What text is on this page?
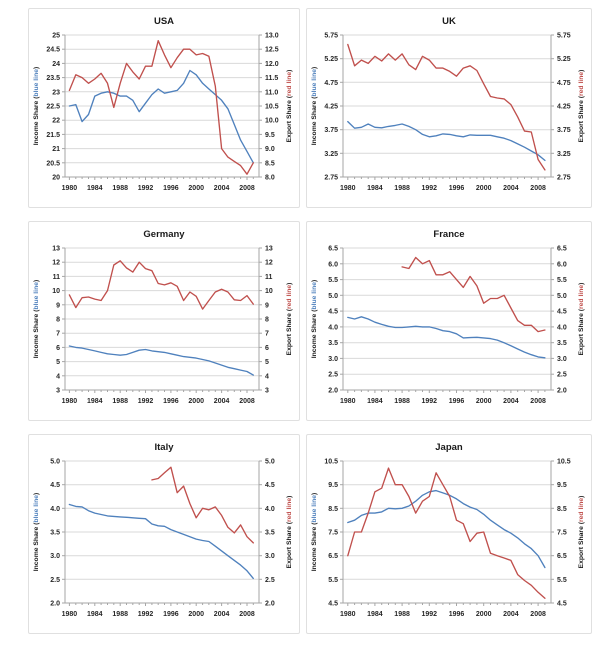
USA
20
20.5
21
21.5
22
22.5
23
23.5
24
24.5
25
8.0
8.5
9.0
9.5
10.0
10.5
11.0
11.5
12.0
12.5
13.0
1980 1984 1988 1992 1996 2000 2004 2008
Income Share (blue line)
Export Share (red line)
UK
2.75
3.25
3.75
4.25
4.75
5.25
5.75
2.75
3.25
3.75
4.25
4.75
5.25
5.75
1980 1984 1988 1992 1996 2000 2004 2008
Income Share (blue line)
Export Share (red line)
Germany
3
4
5
6
7
8
9
10
11
12
13
3
4
5
6
7
8
9
10
11
12
13
1980 1984 1988 1992 1996 2000 2004 2008
Income Share (blue line)
Export Share (red line)
France
2.0
2.5
3.0
3.5
4.0
4.5
5.0
5.5
6.0
6.5
2.0
2.5
3.0
3.5
4.0
4.5
5.0
5.5
6.0
6.5
1980 1984 1988 1992 1996 2000 2004 2008
Income Share (blue line)
Export Share (red line)
Italy
2.0
2.5
3.0
3.5
4.0
4.5
5.0
2.0
2.5
3.0
3.5
4.0
4.5
5.0
1980 1984 1988 1992 1996 2000 2004 2008
Income Share (blue line)
Export Share (red line)
Japan
4.5
5.5
6.5
7.5
8.5
9.5
10.5
4.5
5.5
6.5
7.5
8.5
9.5
10.5
1980 1984 1988 1992 1996 2000 2004 2008
Income Share (blue line)
Export Share (red line)
